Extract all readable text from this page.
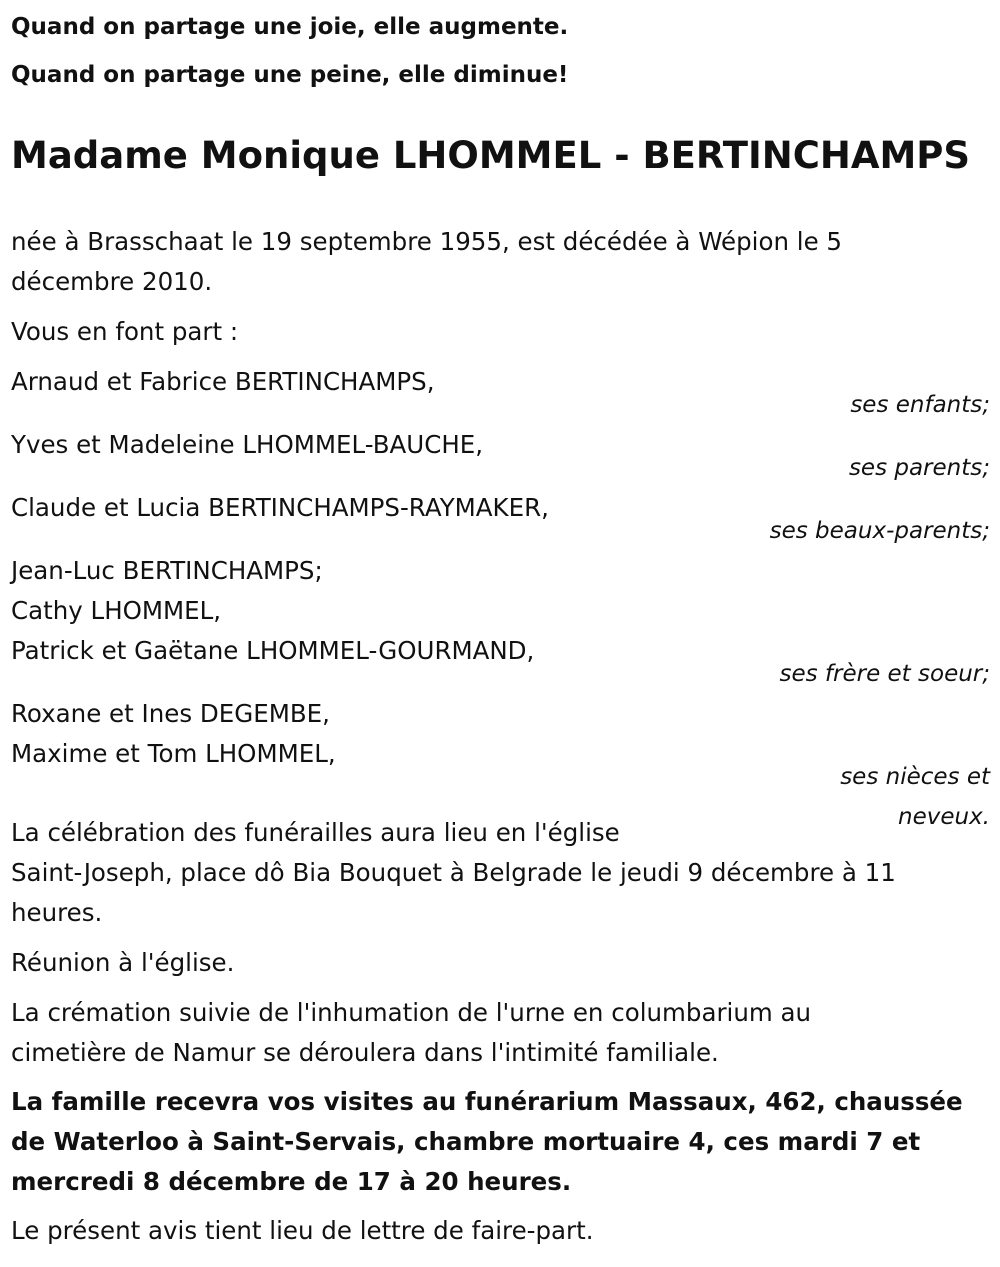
Quand on partage une joie, elle augmente.
Quand on partage une peine, elle diminue!
Madame Monique LHOMMEL - BERTINCHAMPS
née à Brasschaat le 19 septembre 1955, est décédée à Wépion le 5
décembre 2010.
Vous en font part :
Arnaud et Fabrice BERTINCHAMPS,
ses enfants;
Yves et Madeleine LHOMMEL-BAUCHE,
ses parents;
Claude et Lucia BERTINCHAMPS-RAYMAKER,
ses beaux-parents;
Jean-Luc BERTINCHAMPS;
Cathy LHOMMEL,
Patrick et Gaëtane LHOMMEL-GOURMAND,
ses frère et soeur;
Roxane et Ines DEGEMBE,
Maxime et Tom LHOMMEL,
ses nièces et
neveux.
La célébration des funérailles aura lieu en l'église
Saint-Joseph, place dô Bia Bouquet à Belgrade le jeudi 9 décembre à 11
heures.
Réunion à l'église.
La crémation suivie de l'inhumation de l'urne en columbarium au
cimetière de Namur se déroulera dans l'intimité familiale.
La famille recevra vos visites au funérarium Massaux, 462, chaussée
de Waterloo à Saint-Servais, chambre mortuaire 4, ces mardi 7 et
mercredi 8 décembre de 17 à 20 heures.
Le présent avis tient lieu de lettre de faire-part.
